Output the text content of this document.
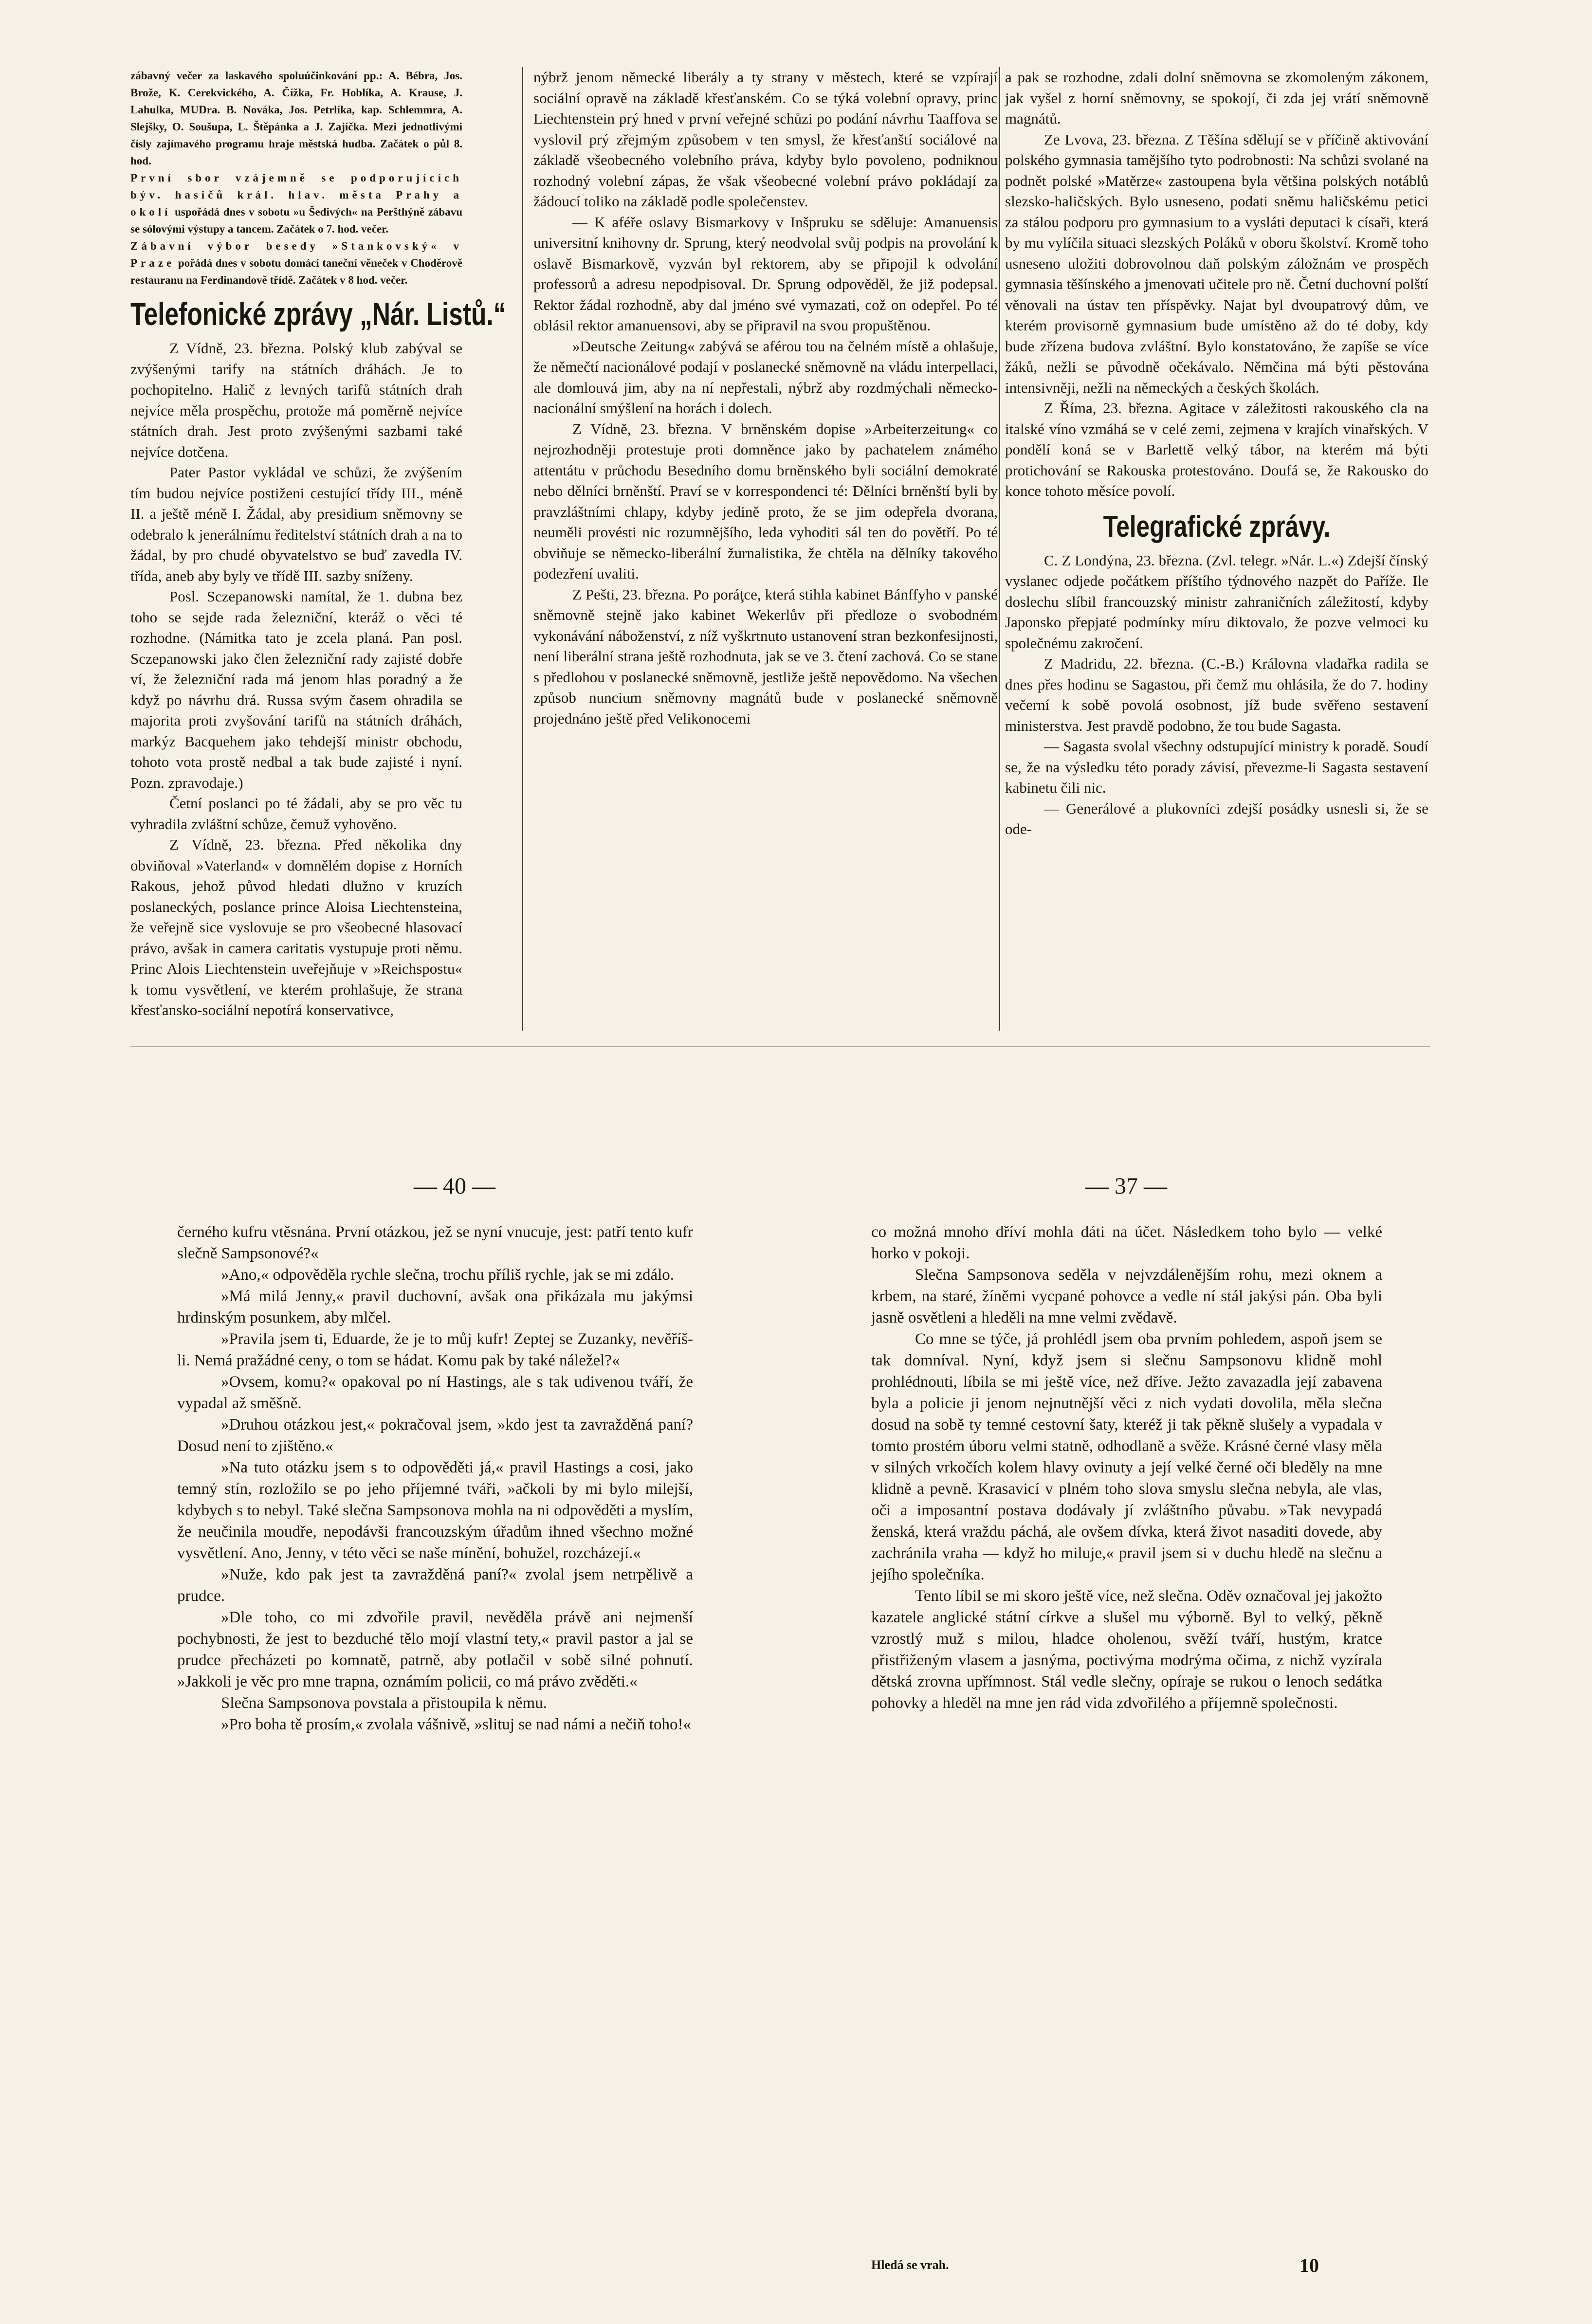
zábavný večer za laskavého spoluúčinkování pp.: A. Bébra, Jos. Brože, K. Cerekvického, A. Čížka, Fr. Hoblíka, A. Krause, J. Lahulka, MUDra. B. Nováka, Jos. Petrlíka, kap. Schlemmra, A. Slejšky, O. Soušupa, L. Štěpánka a J. Zajíčka. Mezi jednotlivými čísly zajímavého programu hraje městská hudba. Začátek o půl 8. hod.

První sbor vzájemně se podporujících býv. hasičů král. hlav. města Prahy a okolí uspořádá dnes v sobotu »u Šedivých« na Peršthýně zábavu se sólovými výstupy a tancem. Začátek o 7. hod. večer.

Zábavní výbor besedy »Stankovský« v Praze pořádá dnes v sobotu domácí taneční věneček v Choděrově restauranu na Ferdinandově třídě. Začátek v 8 hod. večer.

Telefonické zprávy „Nár. Listů.“

Z Vídně, 23. března. Polský klub zabýval se zvýšenými tarify na státních dráhách. Je to pochopitelno. Halič z levných tarifů státních drah nejvíce měla prospěchu, protože má poměrně nejvíce státních drah. Jest proto zvýšenými sazbami také nejvíce dotčena.

Pater Pastor vykládal ve schůzi, že zvýšením tím budou nejvíce postiženi cestující třídy III., méně II. a ještě méně I. Žádal, aby presidium sněmovny se odebralo k jenerálnímu ředitelství státních drah a na to žádal, by pro chudé obyvatelstvo se buď zavedla IV. třída, aneb aby byly ve třídě III. sazby sníženy.

Posl. Sczepanowski namítal, že 1. dubna bez toho se sejde rada železniční, kteráž o věci té rozhodne. (Námitka tato je zcela planá. Pan posl. Sczepanowski jako člen železniční rady zajisté dobře ví, že železniční rada má jenom hlas poradný a že když po návrhu drá. Russa svým časem ohradila se majorita proti zvyšování tarifů na státních dráhách, markýz Bacquehem jako tehdejší ministr obchodu, tohoto vota prostě nedbal a tak bude zajisté i nyní. Pozn. zpravodaje.)

Četní poslanci po té žádali, aby se pro věc tu vyhradila zvláštní schůze, čemuž vyhověno.

Z Vídně, 23. března. Před několika dny obviňoval »Vaterland« v domnělém dopise z Horních Rakous, jehož původ hledati dlužno v kruzích poslaneckých, poslance prince Aloisa Liechtensteina, že veřejně sice vyslovuje se pro všeobecné hlasovací právo, avšak in camera caritatis vystupuje proti němu. Princ Alois Liechtenstein uveřejňuje v »Reichspostu« k tomu vysvětlení, ve kterém prohlašuje, že strana křesťansko-sociální nepotírá konservativce,

nýbrž jenom německé liberály a ty strany v městech, které se vzpírají sociální opravě na základě křesťanském. Co se týká volební opravy, princ Liechtenstein prý hned v první veřejné schůzi po podání návrhu Taaffova se vyslovil prý zřejmým způsobem v ten smysl, že křesťanští sociálové na základě všeobecného volebního práva, kdyby bylo povoleno, podniknou rozhodný volební zápas, že však všeobecné volební právo pokládají za žádoucí toliko na základě podle společenstev.

— K aféře oslavy Bismarkovy v Inšpruku se sděluje: Amanuensis universitní knihovny dr. Sprung, který neodvolal svůj podpis na provolání k oslavě Bismarkově, vyzván byl rektorem, aby se připojil k odvolání professorů a adresu nepodpisoval. Dr. Sprung odpověděl, že již podepsal. Rektor žádal rozhodně, aby dal jméno své vymazati, což on odepřel. Po té oblásil rektor amanuensovi, aby se připravil na svou propuštěnou.

»Deutsche Zeitung« zabývá se aférou tou na čelném místě a ohlašuje, že němečtí nacionálové podají v poslanecké sněmovně na vládu interpellaci, ale domlouvá jim, aby na ní nepřestali, nýbrž aby rozdmýchali německo-nacionální smýšlení na horách i dolech.

Z Vídně, 23. března. V brněnském dopise »Arbeiterzeitung« co nejrozhodněji protestuje proti domněnce jako by pachatelem známého attentátu v průchodu Besedního domu brněnského byli sociální demokraté nebo dělníci brněnští. Praví se v korrespondenci té: Dělníci brněnští byli by pravzláštními chlapy, kdyby jedině proto, že se jim odepřela dvorana, neuměli provésti nic rozumnějšího, leda vyhoditi sál ten do povětří. Po té obviňuje se německo-liberální žurnalistika, že chtěla na dělníky takového podezření uvaliti.

Z Pešti, 23. března. Po poráţce, která stihla kabinet Bánffyho v panské sněmovně stejně jako kabinet Wekerlův při předloze o svobodném vykonávání náboženství, z níž vyškrtnuto ustanovení stran bezkonfesijnosti, není liberální strana ještě rozhodnuta, jak se ve 3. čtení zachová. Co se stane s předlohou v poslanecké sněmovně, jestliže ještě nepovědomo. Na všechen způsob nuncium sněmovny magnátů bude v poslanecké sněmovně projednáno ještě před Velikonocemi

a pak se rozhodne, zdali dolní sněmovna se zkomoleným zákonem, jak vyšel z horní sněmovny, se spokojí, či zda jej vrátí sněmovně magnátů.

Ze Lvova, 23. března. Z Těšína sdělují se v příčině aktivování polského gymnasia tamějšího tyto podrobnosti: Na schůzi svolané na podnět polské »Matěrze« zastoupena byla většina polských notáblů slezsko-haličských. Bylo usneseno, podati sněmu haličskému petici za stálou podporu pro gymnasium to a vysláti deputaci k císaři, která by mu vylíčila situaci slezských Poláků v oboru školství. Kromě toho usneseno uložiti dobrovolnou daň polským záložnám ve prospěch gymnasia těšínského a jmenovati učitele pro ně. Četní duchovní polští věnovali na ústav ten příspěvky. Najat byl dvoupatrový dům, ve kterém provisorně gymnasium bude umístěno až do té doby, kdy bude zřízena budova zvláštní. Bylo konstatováno, že zapíše se více žáků, nežli se původně očekávalo. Němčina má býti pěstována intensivněji, nežli na německých a českých školách.

Z Říma, 23. března. Agitace v záležitosti rakouského cla na italské víno vzmáhá se v celé zemi, zejmena v krajích vinařských. V pondělí koná se v Barlettě velký tábor, na kterém má býti protichování se Rakouska protestováno. Doufá se, že Rakousko do konce tohoto měsíce povolí.

Telegrafické zprávy.

C. Z Londýna, 23. března. (Zvl. telegr. »Nár. L.«) Zdejší čínský vyslanec odjede počátkem příštího týdnového nazpět do Paříže. Ile doslechu slíbil francouzský ministr zahraničních záležitostí, kdyby Japonsko přepjaté podmínky míru diktovalo, že pozve velmoci ku společnému zakročení.

Z Madridu, 22. března. (C.-B.) Královna vladařka radila se dnes přes hodinu se Sagastou, při čemž mu ohlásila, že do 7. hodiny večerní k sobě povolá osobnost, jíž bude svěřeno sestavení ministerstva. Jest pravdě podobno, že tou bude Sagasta.

— Sagasta svolal všechny odstupující ministry k poradě. Soudí se, že na výsledku této porady závisí, převezme-li Sagasta sestavení kabinetu čili nic.

— Generálové a plukovníci zdejší posádky usnesli si, že se ode-

— 40 —	— 37 —

černého kufru vtěsnána. První otázkou, jež se nyní vnucuje, jest: patří tento kufr slečně Sampsonové?«

»Ano,« odpověděla rychle slečna, trochu příliš rychle, jak se mi zdálo.

»Má milá Jenny,« pravil duchovní, avšak ona přikázala mu jakýmsi hrdinským posunkem, aby mlčel.

»Pravila jsem ti, Eduarde, že je to můj kufr! Zeptej se Zuzanky, nevěříš-li. Nemá pražádné ceny, o tom se hádat. Komu pak by také náležel?«

»Ovsem, komu?« opakoval po ní Hastings, ale s tak udivenou tváří, že vypadal až směšně.

»Druhou otázkou jest,« pokračoval jsem, »kdo jest ta zavražděná paní? Dosud není to zjištěno.«

»Na tuto otázku jsem s to odpověděti já,« pravil Hastings a cosi, jako temný stín, rozložilo se po jeho příjemné tváři, »ačkoli by mi bylo milejší, kdybych s to nebyl. Také slečna Sampsonova mohla na ni odpověděti a myslím, že neučinila moudře, nepodávši francouzským úřadům ihned všechno možné vysvětlení. Ano, Jenny, v této věci se naše mínění, bohužel, rozcházejí.«

»Nuže, kdo pak jest ta zavražděná paní?« zvolal jsem netrpělivě a prudce.

»Dle toho, co mi zdvořile pravil, nevěděla právě ani nejmenší pochybnosti, že jest to bezduché tělo mojí vlastní tety,« pravil pastor a jal se prudce přecházeti po komnatě, patrně, aby potlačil v sobě silné pohnutí. »Jakkoli je věc pro mne trapna, oznámím policii, co má právo zvěděti.«

Slečna Sampsonova povstala a přistoupila k němu.

»Pro boha tě prosím,« zvolala vášnivě, »slituj se nad námi a nečiň toho!«

co možná mnoho dříví mohla dáti na účet. Následkem toho bylo — velké horko v pokoji.

Slečna Sampsonova seděla v nejvzdálenějším rohu, mezi oknem a krbem, na staré, žíněmi vycpané pohovce a vedle ní stál jakýsi pán. Oba byli jasně osvětleni a hleděli na mne velmi zvědavě.

Co mne se týče, já prohlédl jsem oba prvním pohledem, aspoň jsem se tak domníval. Nyní, když jsem si slečnu Sampsonovu klidně mohl prohlédnouti, líbila se mi ještě více, než dříve. Ježto zavazadla její zabavena byla a policie ji jenom nejnutnější věci z nich vydati dovolila, měla slečna dosud na sobě ty temné cestovní šaty, kteréž ji tak pěkně slušely a vypadala v tomto prostém úboru velmi statně, odhodlaně a svěže. Krásné černé vlasy měla v silných vrkočích kolem hlavy ovinuty a její velké černé oči bleděly na mne klidně a pevně. Krasavicí v plném toho slova smyslu slečna nebyla, ale vlas, oči a imposantní postava dodávaly jí zvláštního půvabu. »Tak nevypadá ženská, která vraždu páchá, ale ovšem dívka, která život nasaditi dovede, aby zachránila vraha — když ho miluje,« pravil jsem si v duchu hledě na slečnu a jejího společníka.

Tento líbil se mi skoro ještě více, než slečna. Oděv označoval jej jakožto kazatele anglické státní církve a slušel mu výborně. Byl to velký, pěkně vzrostlý muž s milou, hladce oholenou, svěží tváří, hustým, kratce přistřiženým vlasem a jasnýma, poctivýma modrýma očima, z nichž vyzírala dětská zrovna upřímnost. Stál vedle slečny, opíraje se rukou o lenoch sedátka pohovky a hleděl na mne jen rád vida zdvořilého a příjemně společnosti.

Hledá se vrah.	10
